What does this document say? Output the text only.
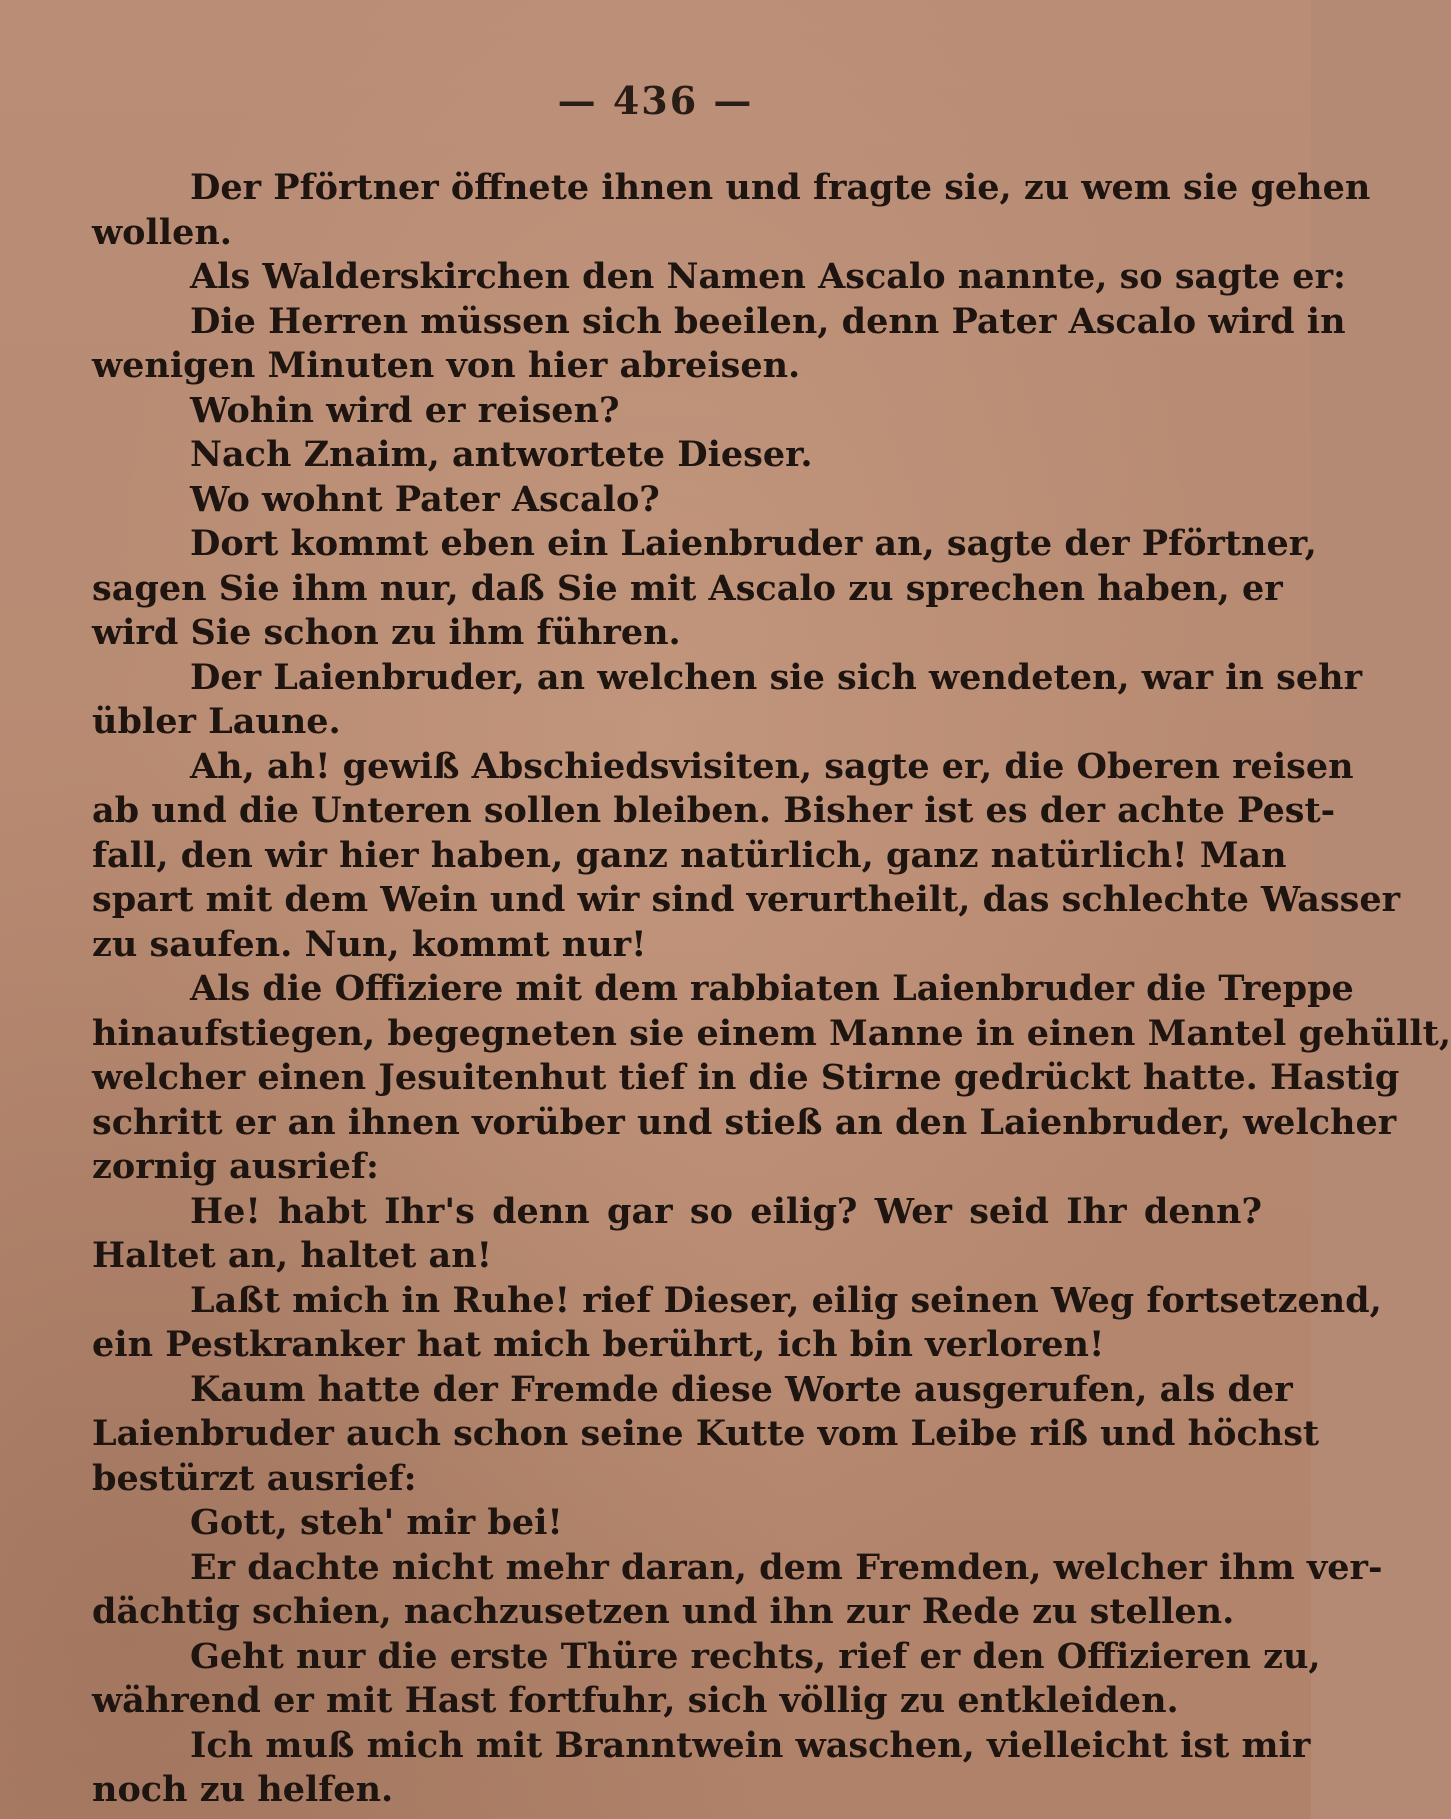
— 436 —
Der Pförtner öffnete ihnen und fragte sie, zu wem sie gehen
wollen.
Als Walderskirchen den Namen Ascalo nannte, so sagte er:
Die Herren müssen sich beeilen, denn Pater Ascalo wird in
wenigen Minuten von hier abreisen.
Wohin wird er reisen?
Nach Znaim, antwortete Dieser.
Wo wohnt Pater Ascalo?
Dort kommt eben ein Laienbruder an, sagte der Pförtner,
sagen Sie ihm nur, daß Sie mit Ascalo zu sprechen haben, er
wird Sie schon zu ihm führen.
Der Laienbruder, an welchen sie sich wendeten, war in sehr
übler Laune.
Ah, ah! gewiß Abschiedsvisiten, sagte er, die Oberen reisen
ab und die Unteren sollen bleiben. Bisher ist es der achte Pest-
fall, den wir hier haben, ganz natürlich, ganz natürlich! Man
spart mit dem Wein und wir sind verurtheilt, das schlechte Wasser
zu saufen. Nun, kommt nur!
Als die Offiziere mit dem rabbiaten Laienbruder die Treppe
hinaufstiegen, begegneten sie einem Manne in einen Mantel gehüllt,
welcher einen Jesuitenhut tief in die Stirne gedrückt hatte. Hastig
schritt er an ihnen vorüber und stieß an den Laienbruder, welcher
zornig ausrief:
He! habt Ihr's denn gar so eilig? Wer seid Ihr denn?
Haltet an, haltet an!
Laßt mich in Ruhe! rief Dieser, eilig seinen Weg fortsetzend,
ein Pestkranker hat mich berührt, ich bin verloren!
Kaum hatte der Fremde diese Worte ausgerufen, als der
Laienbruder auch schon seine Kutte vom Leibe riß und höchst
bestürzt ausrief:
Gott, steh' mir bei!
Er dachte nicht mehr daran, dem Fremden, welcher ihm ver-
dächtig schien, nachzusetzen und ihn zur Rede zu stellen.
Geht nur die erste Thüre rechts, rief er den Offizieren zu,
während er mit Hast fortfuhr, sich völlig zu entkleiden.
Ich muß mich mit Branntwein waschen, vielleicht ist mir
noch zu helfen.
